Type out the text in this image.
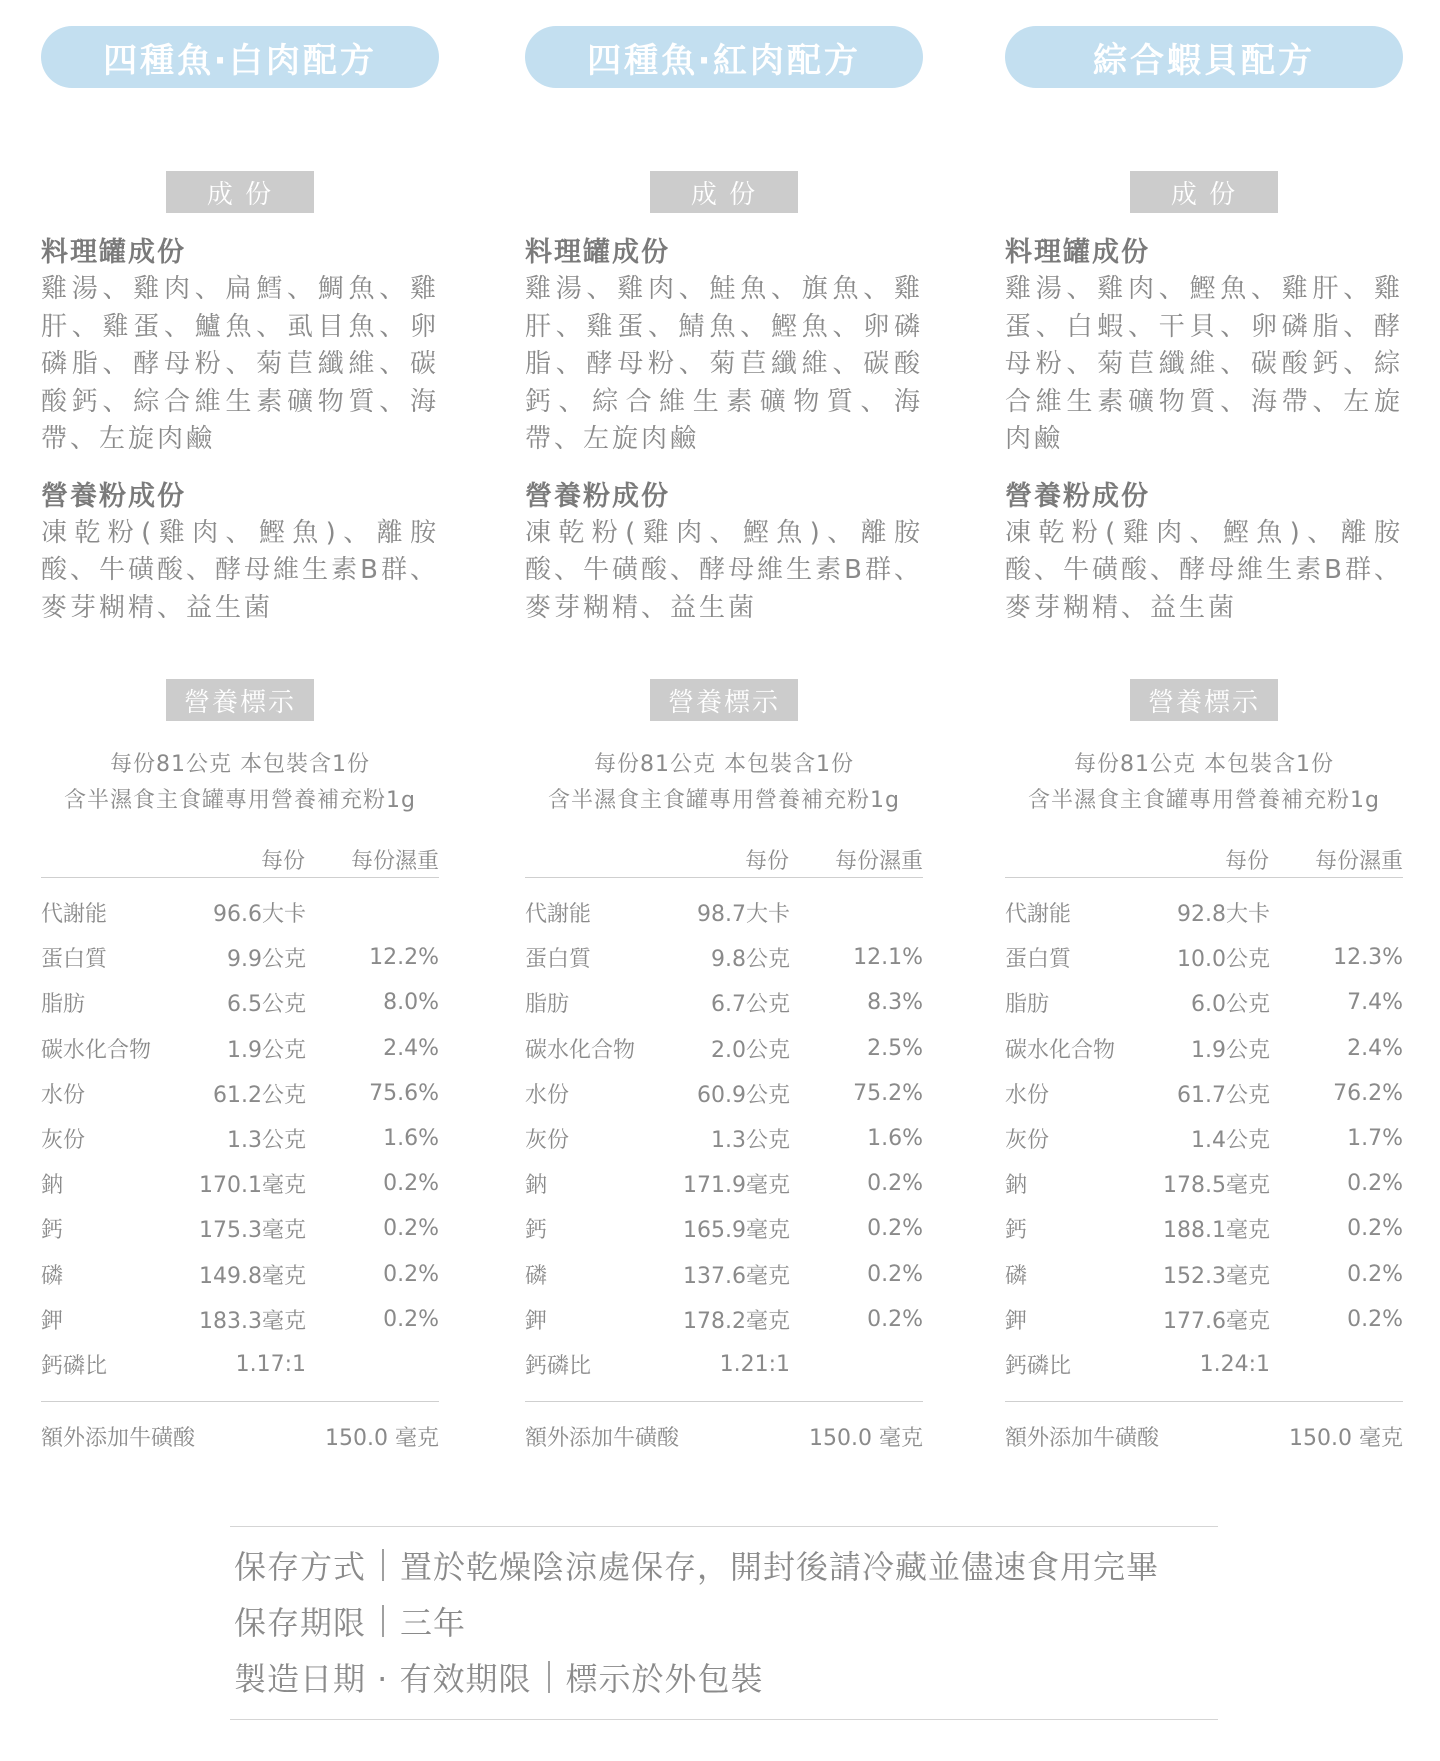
四種魚‧白肉配方
成 份

料理罐成份

雞湯、雞肉、扁鱈、鯛魚、雞肝、雞蛋、鱸魚、虱目魚、卵磷脂、酵母粉、菊苣纖維、碳酸鈣、綜合維生素礦物質、海帶、左旋肉鹼

營養粉成份

凍乾粉(雞肉、鰹魚)、離胺酸、牛磺酸、酵母維生素B群、麥芽糊精、益生菌

營養標示
每份81公克 本包裝含1份
含半濕食主食罐專用營養補充粉1g
每份	每份濕重
代謝能	96.6大卡
蛋白質	9.9公克	12.2%
脂肪	6.5公克	8.0%
碳水化合物	1.9公克	2.4%
水份	61.2公克	75.6%
灰份	1.3公克	1.6%
鈉	170.1毫克	0.2%
鈣	175.3毫克	0.2%
磷	149.8毫克	0.2%
鉀	183.3毫克	0.2%
鈣磷比	1.17:1
額外添加牛磺酸	150.0 毫克
四種魚‧紅肉配方
成 份

料理罐成份

雞湯、雞肉、鮭魚、旗魚、雞肝、雞蛋、鯖魚、鰹魚、卵磷脂、酵母粉、菊苣纖維、碳酸鈣、綜合維生素礦物質、海帶、左旋肉鹼

營養粉成份

凍乾粉(雞肉、鰹魚)、離胺酸、牛磺酸、酵母維生素B群、麥芽糊精、益生菌

營養標示
每份81公克 本包裝含1份
含半濕食主食罐專用營養補充粉1g
每份	每份濕重
代謝能	98.7大卡
蛋白質	9.8公克	12.1%
脂肪	6.7公克	8.3%
碳水化合物	2.0公克	2.5%
水份	60.9公克	75.2%
灰份	1.3公克	1.6%
鈉	171.9毫克	0.2%
鈣	165.9毫克	0.2%
磷	137.6毫克	0.2%
鉀	178.2毫克	0.2%
鈣磷比	1.21:1
額外添加牛磺酸	150.0 毫克
綜合蝦貝配方
成 份

料理罐成份

雞湯、雞肉、鰹魚、雞肝、雞蛋、白蝦、干貝、卵磷脂、酵母粉、菊苣纖維、碳酸鈣、綜合維生素礦物質、海帶、左旋肉鹼

營養粉成份

凍乾粉(雞肉、鰹魚)、離胺酸、牛磺酸、酵母維生素B群、麥芽糊精、益生菌

營養標示
每份81公克 本包裝含1份
含半濕食主食罐專用營養補充粉1g
每份	每份濕重
代謝能	92.8大卡
蛋白質	10.0公克	12.3%
脂肪	6.0公克	7.4%
碳水化合物	1.9公克	2.4%
水份	61.7公克	76.2%
灰份	1.4公克	1.7%
鈉	178.5毫克	0.2%
鈣	188.1毫克	0.2%
磷	152.3毫克	0.2%
鉀	177.6毫克	0.2%
鈣磷比	1.24:1
額外添加牛磺酸	150.0 毫克
保存方式 置於乾燥陰涼處保存，開封後請冷藏並儘速食用完畢
保存期限 三年
製造日期 · 有效期限 標示於外包裝
